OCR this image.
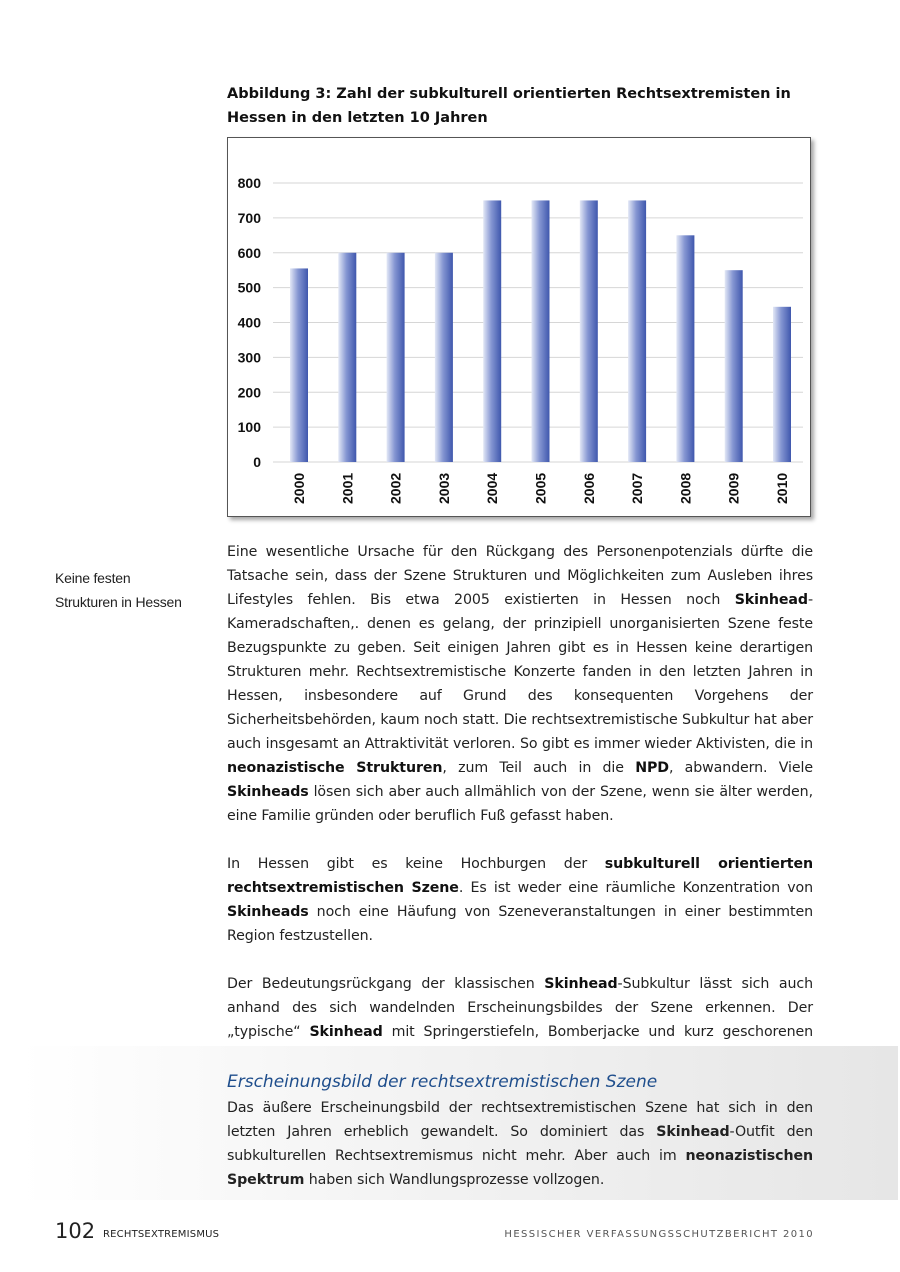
Abbildung 3: Zahl der subkulturell orientierten Rechtsextremisten in Hessen in den letzten 10 Jahren
0
100
200
300
400
500
600
700
800
2000 2001 2002 2003 2004 2005 2006 2007 2008 2009 2010
Keine festen
Strukturen in Hessen

Eine wesentliche Ursache für den Rückgang des Personenpotenzials dürfte die Tatsache sein, dass der Szene Strukturen und Möglichkeiten zum Ausleben ihres Lifestyles fehlen. Bis etwa 2005 existierten in Hessen noch Skinhead-Kameradschaften,. denen es gelang, der prinzipiell unorganisierten Szene feste Bezugspunkte zu geben. Seit einigen Jahren gibt es in Hessen keine derartigen Strukturen mehr. Rechtsextremistische Konzerte fanden in den letzten Jahren in Hessen, insbesondere auf Grund des konsequenten Vorgehens der Sicherheitsbehörden, kaum noch statt. Die rechtsextremistische Subkultur hat aber auch insgesamt an Attraktivität verloren. So gibt es immer wieder Aktivisten, die in neonazistische Strukturen, zum Teil auch in die NPD, abwandern. Viele Skinheads lösen sich aber auch allmählich von der Szene, wenn sie älter werden, eine Familie gründen oder beruflich Fuß gefasst haben.

In Hessen gibt es keine Hochburgen der subkulturell orientierten rechtsextremistischen Szene. Es ist weder eine räumliche Konzentration von Skinheads noch eine Häufung von Szeneveranstaltungen in einer bestimmten Region festzustellen.

Der Bedeutungsrückgang der klassischen Skinhead-Subkultur lässt sich auch anhand des sich wandelnden Erscheinungsbildes der Szene erkennen. Der „typische“ Skinhead mit Springerstiefeln, Bomberjacke und kurz geschorenen

Erscheinungsbild der rechtsextremistischen Szene

Das äußere Erscheinungsbild der rechtsextremistischen Szene hat sich in den letzten Jahren erheblich gewandelt. So dominiert das Skinhead-Outfit den subkulturellen Rechtsextremismus nicht mehr. Aber auch im neonazistischen Spektrum haben sich Wandlungsprozesse vollzogen.

102 RECHTSEXTREMISMUS	HESSISCHER VERFASSUNGSSCHUTZBERICHT 2010
